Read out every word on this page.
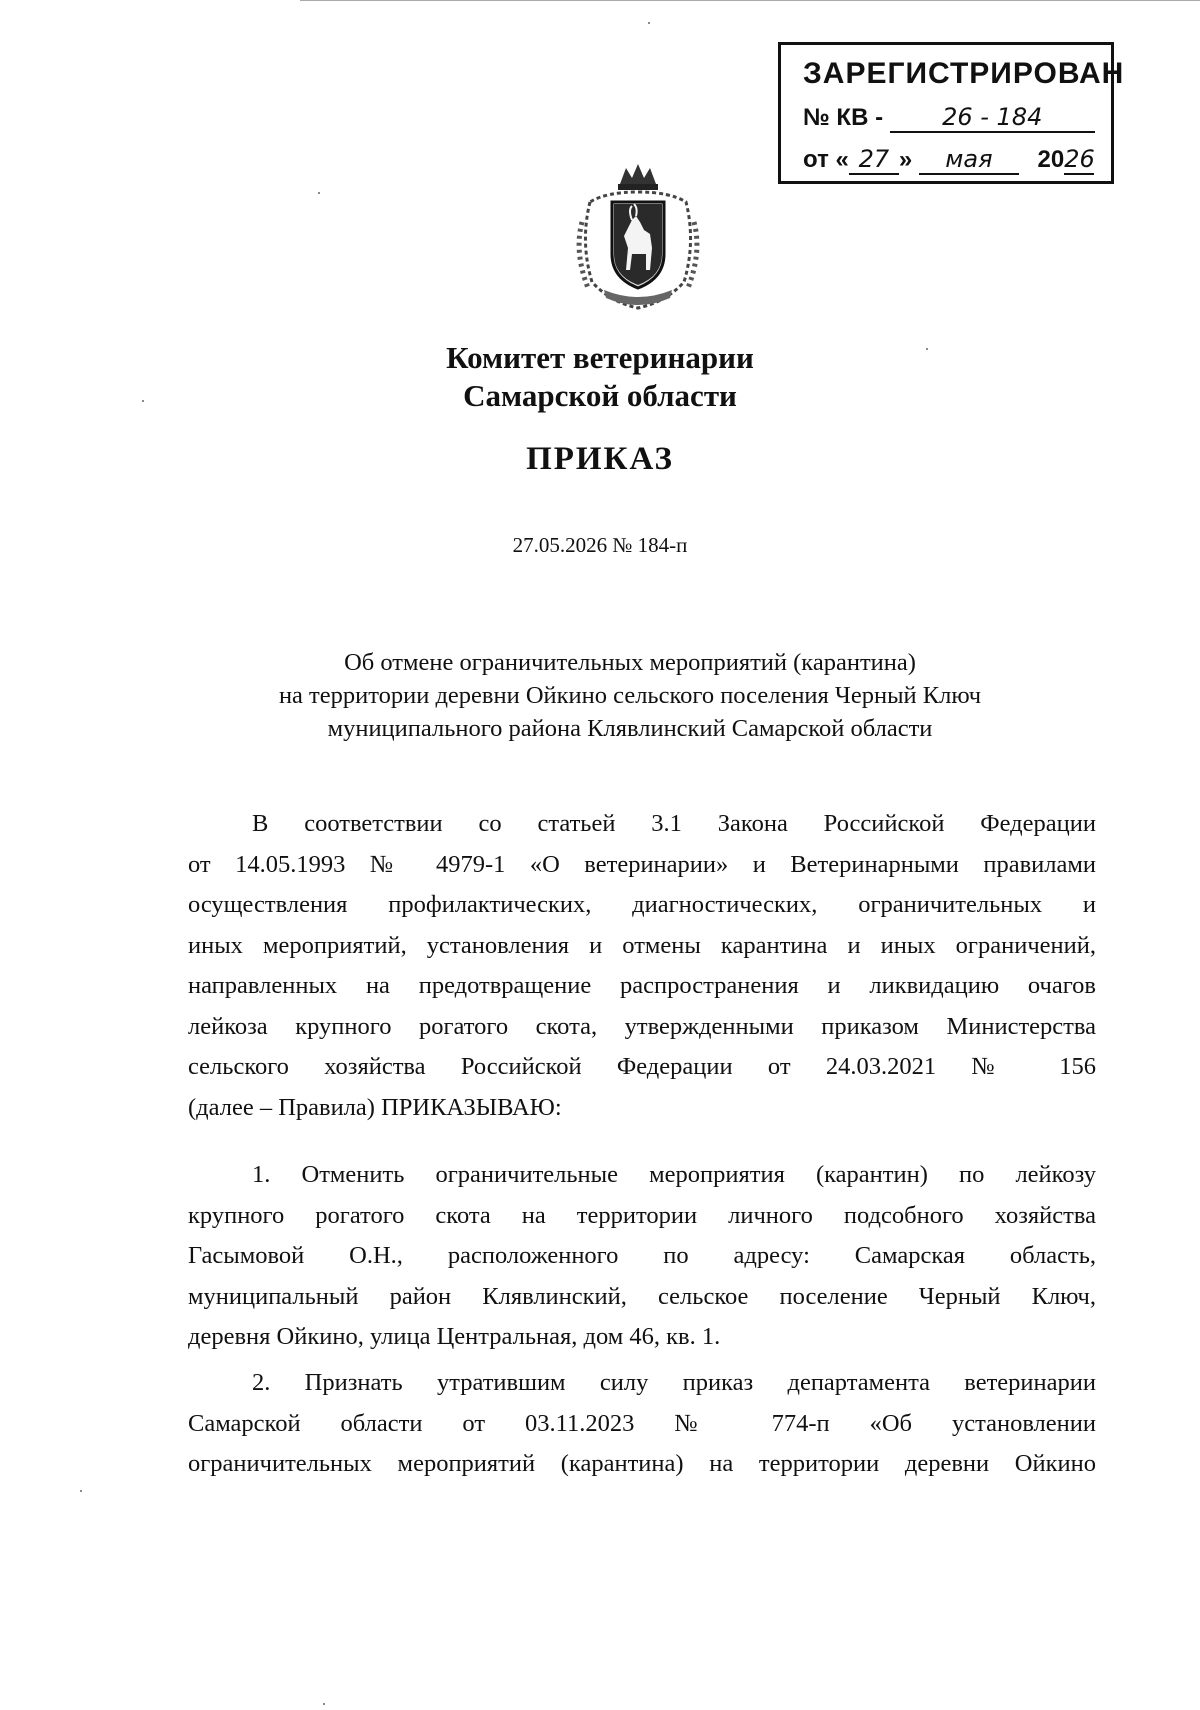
ЗАРЕГИСТРИРОВАН
№ КВ - 26 - 184
от « 27 » мая 2026
Комитет ветеринарии
Самарской области
ПРИКАЗ
27.05.2026 № 184-п
Об отмене ограничительных мероприятий (карантина)
на территории деревни Ойкино сельского поселения Черный Ключ
муниципального района Клявлинский Самарской области
В соответствии со статьей 3.1 Закона Российской Федерации
от 14.05.1993 № 4979-1 «О ветеринарии» и Ветеринарными правилами
осуществления профилактических, диагностических, ограничительных и
иных мероприятий, установления и отмены карантина и иных ограничений,
направленных на предотвращение распространения и ликвидацию очагов
лейкоза крупного рогатого скота, утвержденными приказом Министерства
сельского хозяйства Российской Федерации от 24.03.2021 № 156
(далее – Правила) ПРИКАЗЫВАЮ:
1. Отменить ограничительные мероприятия (карантин) по лейкозу
крупного рогатого скота на территории личного подсобного хозяйства
Гасымовой О.Н., расположенного по адресу: Самарская область,
муниципальный район Клявлинский, сельское поселение Черный Ключ,
деревня Ойкино, улица Центральная, дом 46, кв. 1.
2. Признать утратившим силу приказ департамента ветеринарии
Самарской области от 03.11.2023 № 774-п «Об установлении
ограничительных мероприятий (карантина) на территории деревни Ойкино
